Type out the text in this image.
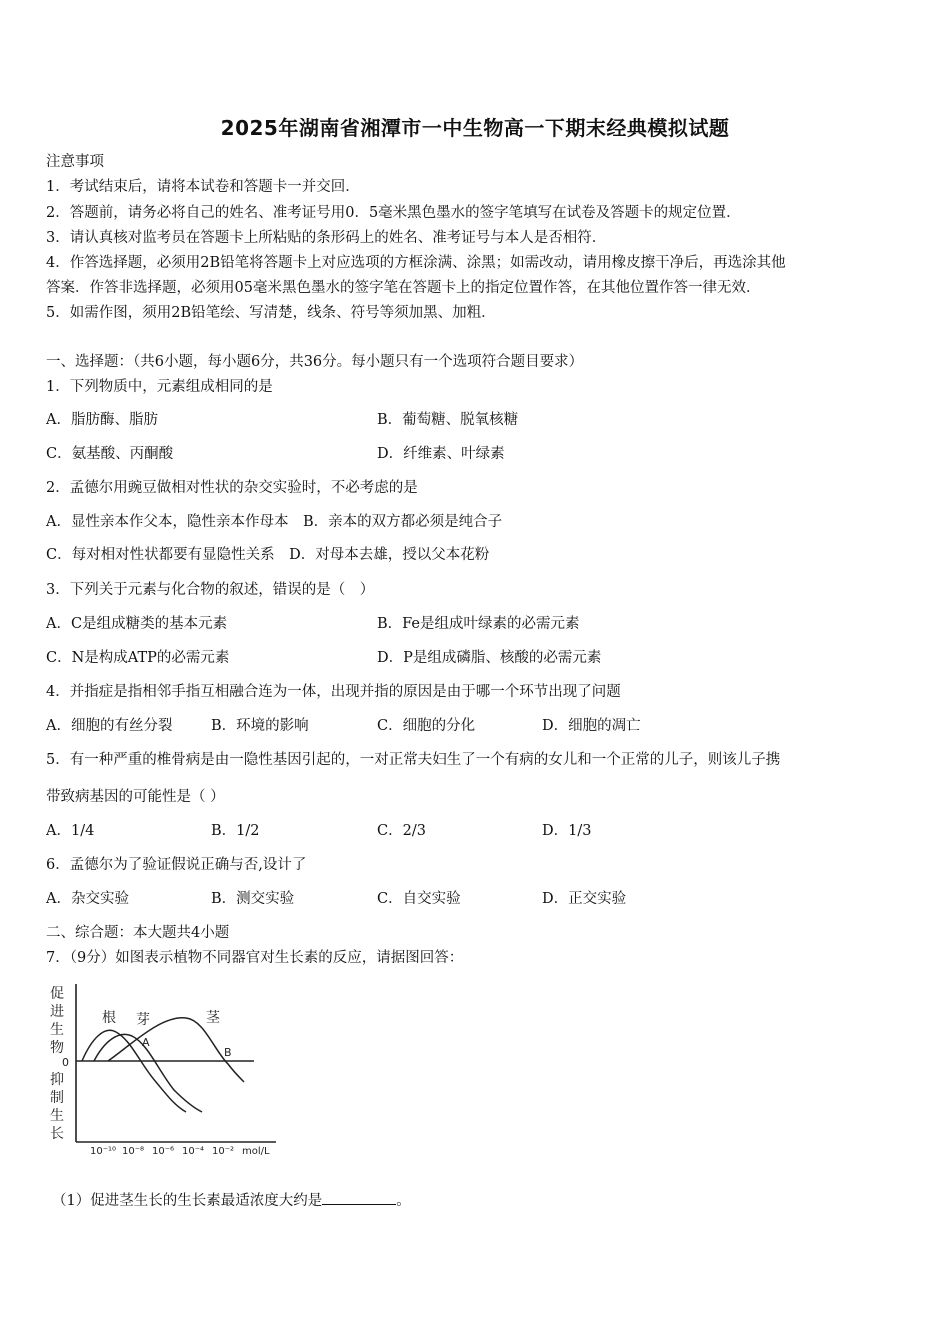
2025年湖南省湘潭市一中生物高一下期末经典模拟试题
注意事项
1．考试结束后，请将本试卷和答题卡一并交回．
2．答题前，请务必将自己的姓名、准考证号用0．5毫米黑色墨水的签字笔填写在试卷及答题卡的规定位置．
3．请认真核对监考员在答题卡上所粘贴的条形码上的姓名、准考证号与本人是否相符．
4．作答选择题，必须用2B铅笔将答题卡上对应选项的方框涂满、涂黑；如需改动，请用橡皮擦干净后，再选涂其他
答案．作答非选择题，必须用05毫米黑色墨水的签字笔在答题卡上的指定位置作答，在其他位置作答一律无效．
5．如需作图，须用2B铅笔绘、写清楚，线条、符号等须加黑、加粗．
一、选择题：（共6小题，每小题6分，共36分。每小题只有一个选项符合题目要求）
1．下列物质中，元素组成相同的是
A．脂肪酶、脂肪	B．葡萄糖、脱氧核糖
C．氨基酸、丙酮酸	D．纤维素、叶绿素
2．孟德尔用豌豆做相对性状的杂交实验时，不必考虑的是
A．显性亲本作父本，隐性亲本作母本　B．亲本的双方都必须是纯合子
C．每对相对性状都要有显隐性关系　D．对母本去雄，授以父本花粉
3．下列关于元素与化合物的叙述，错误的是（　）
A．C是组成糖类的基本元素	B．Fe是组成叶绿素的必需元素
C．N是构成ATP的必需元素	D．P是组成磷脂、核酸的必需元素
4．并指症是指相邻手指互相融合连为一体，出现并指的原因是由于哪一个环节出现了问题
A．细胞的有丝分裂	B．环境的影响	C．细胞的分化	D．细胞的凋亡
5．有一种严重的椎骨病是由一隐性基因引起的，一对正常夫妇生了一个有病的女儿和一个正常的儿子，则该儿子携
带致病基因的可能性是（ ）
A．1/4	B．1/2	C．2/3	D．1/3
6．孟德尔为了验证假说正确与否,设计了
A．杂交实验	B．测交实验	C．自交实验	D．正交实验
二、综合题：本大题共4小题
7．（9分）如图表示植物不同器官对生长素的反应，请据图回答：
促
进
生
物
0
抑
制
生
长
根 芽	茎
A
B
10⁻¹⁰ 10⁻⁸ 10⁻⁶ 10⁻⁴ 10⁻² mol/L
（1）促进茎生长的生长素最适浓度大约是	。
